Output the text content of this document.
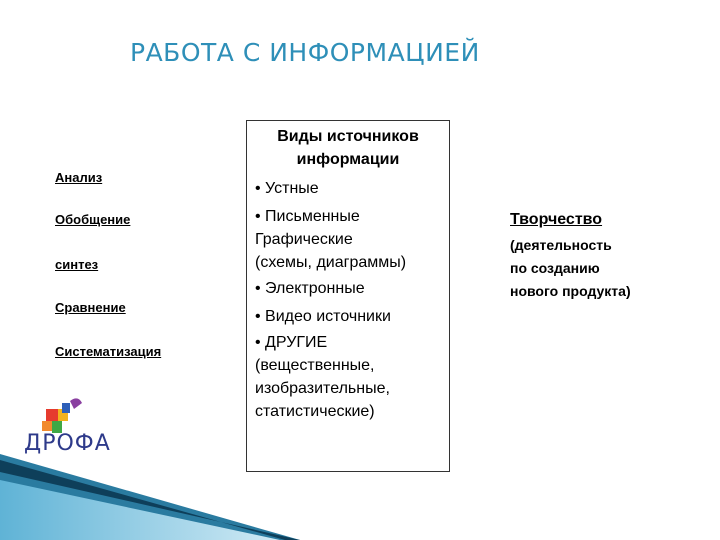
РАБОТА С ИНФОРМАЦИЕЙ
Анализ
Обобщение
синтез
Сравнение
Систематизация
Виды источников
информации
• Устные
• Письменные
Графические
(схемы, диаграммы)
• Электронные
• Видео источники
• ДРУГИЕ
(вещественные,
изобразительные,
статистические)
Творчество
(деятельность
по созданию
нового продукта)
ДРОФА
